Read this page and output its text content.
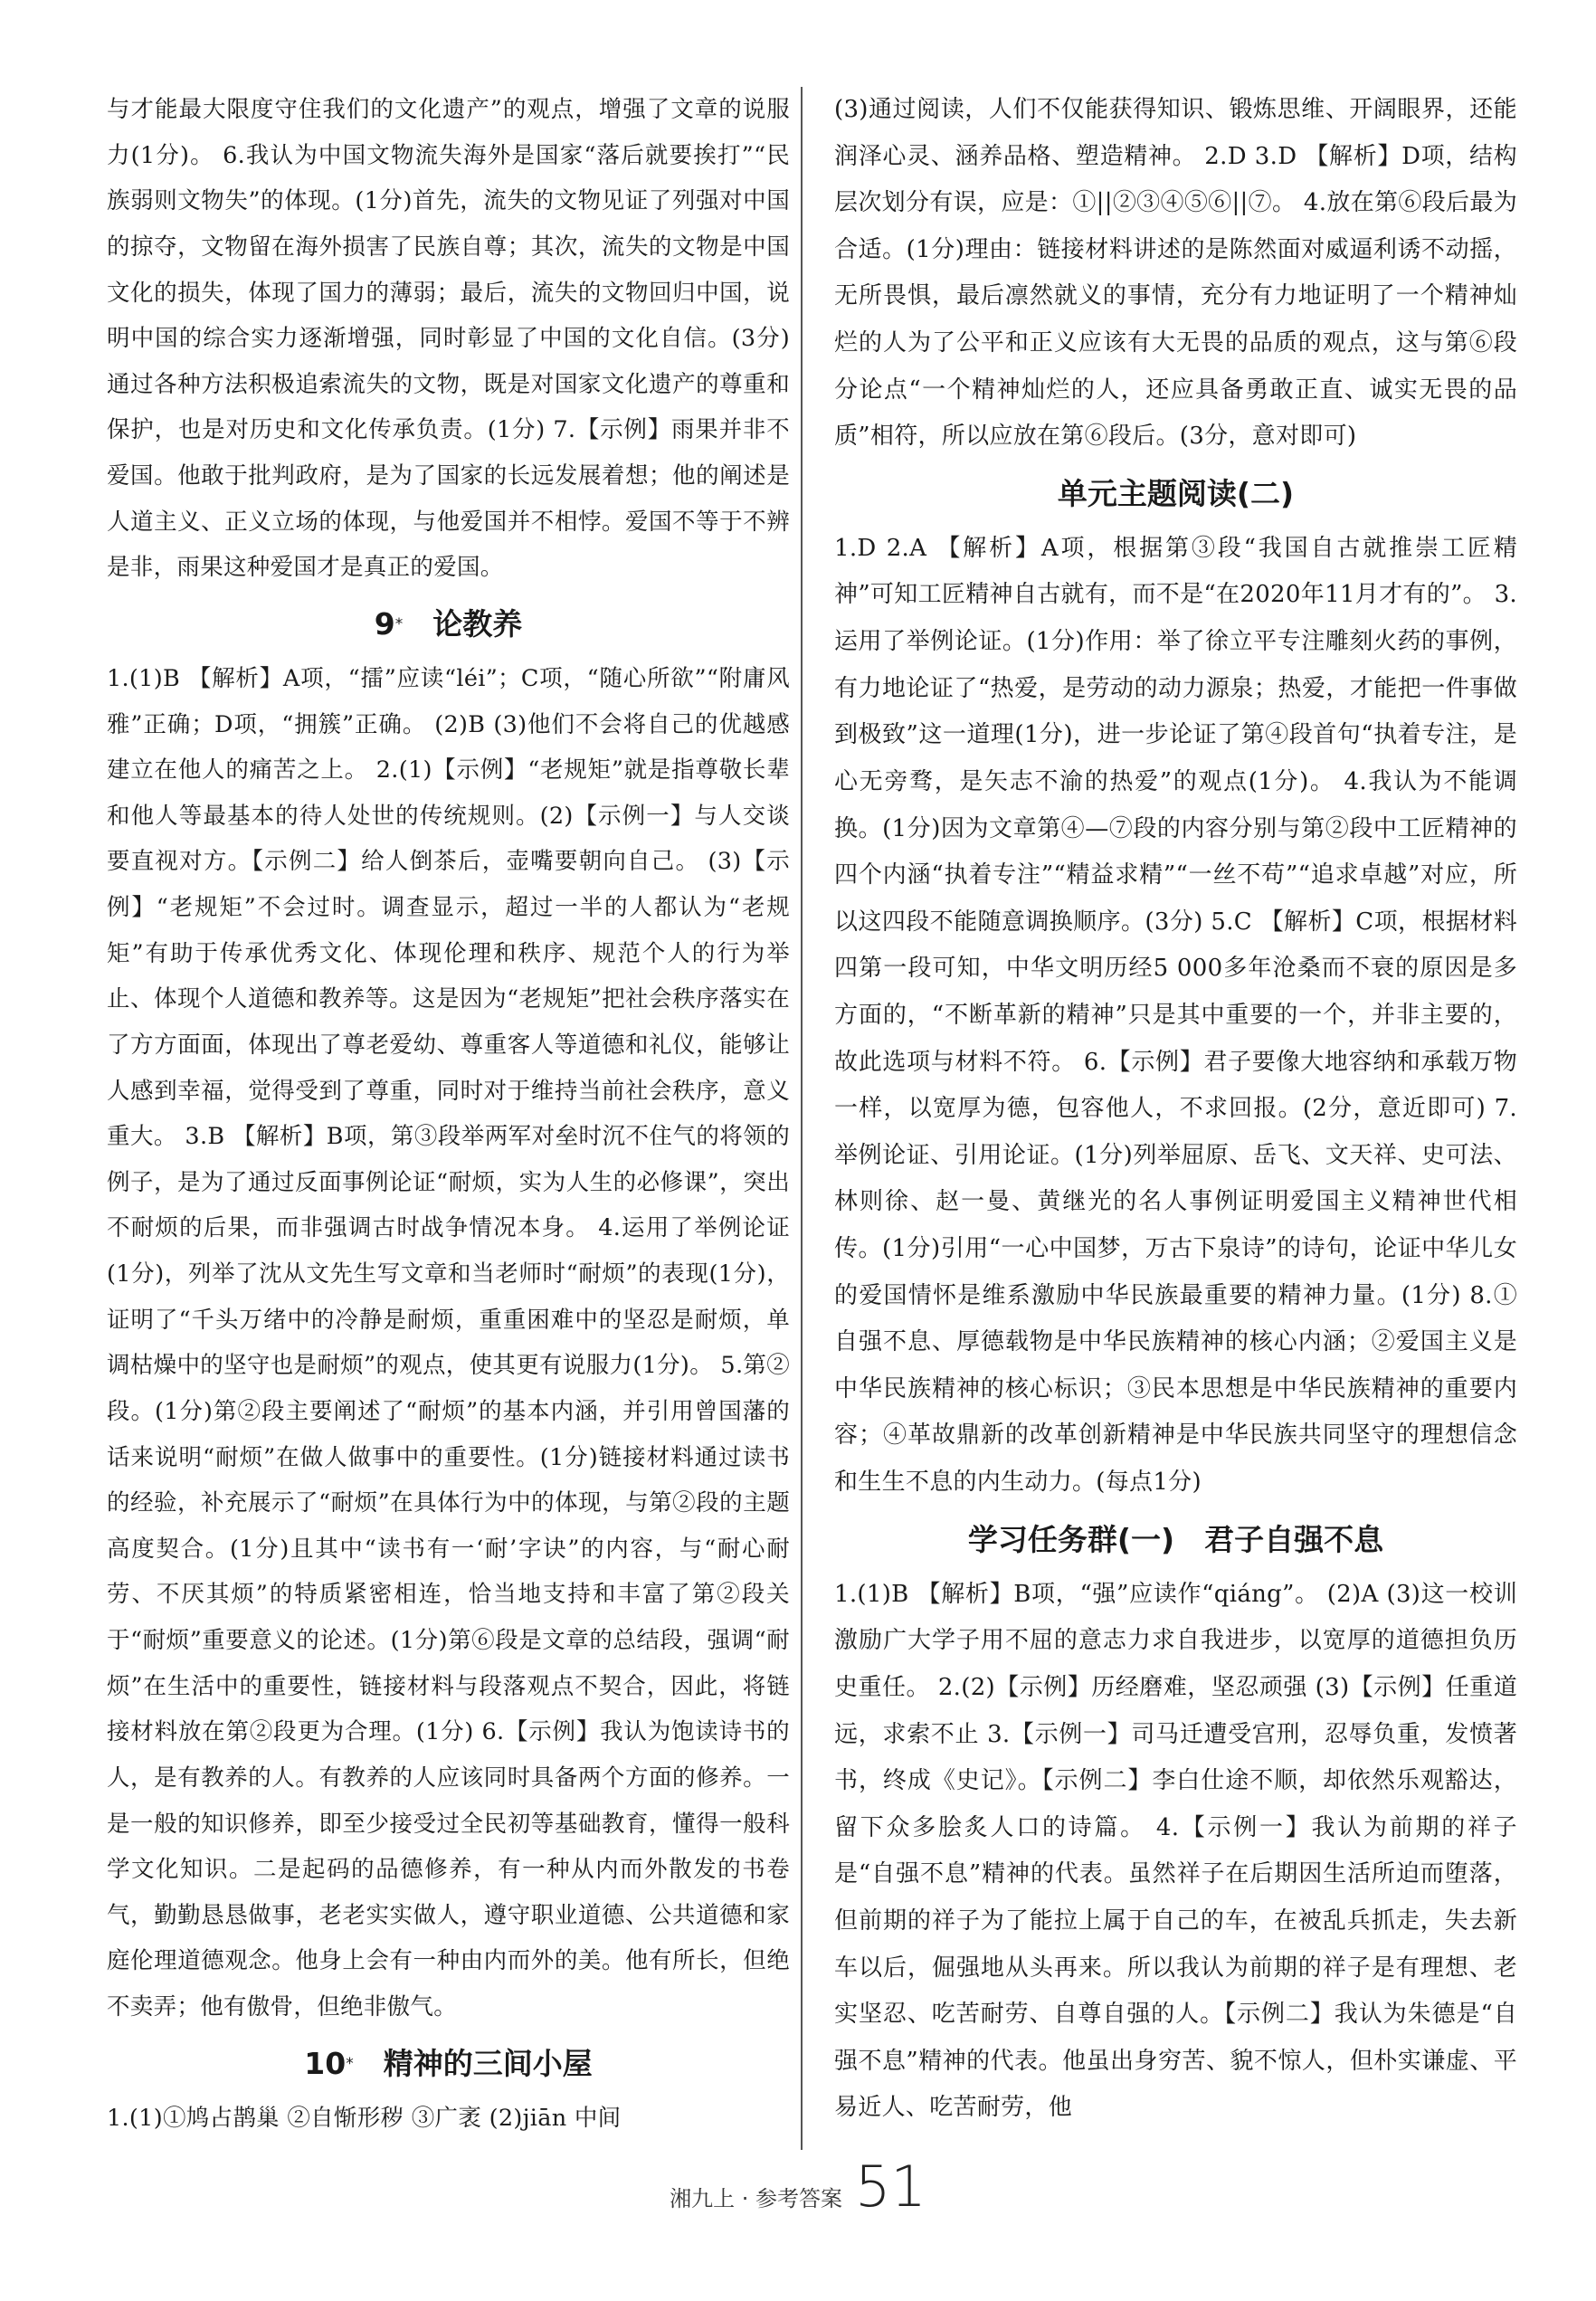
与才能最大限度守住我们的文化遗产”的观点，增强了文章的说服力(1分)。 6.我认为中国文物流失海外是国家“落后就要挨打”“民族弱则文物失”的体现。(1分)首先，流失的文物见证了列强对中国的掠夺，文物留在海外损害了民族自尊；其次，流失的文物是中国文化的损失，体现了国力的薄弱；最后，流失的文物回归中国，说明中国的综合实力逐渐增强，同时彰显了中国的文化自信。(3分)通过各种方法积极追索流失的文物，既是对国家文化遗产的尊重和保护，也是对历史和文化传承负责。(1分) 7.【示例】雨果并非不爱国。他敢于批判政府，是为了国家的长远发展着想；他的阐述是人道主义、正义立场的体现，与他爱国并不相悖。爱国不等于不辨是非，雨果这种爱国才是真正的爱国。

9*  论教养

1.(1)B 【解析】A项，“擂”应读“léi”；C项，“随心所欲”“附庸风雅”正确；D项，“拥簇”正确。 (2)B (3)他们不会将自己的优越感建立在他人的痛苦之上。 2.(1)【示例】“老规矩”就是指尊敬长辈和他人等最基本的待人处世的传统规则。(2)【示例一】与人交谈要直视对方。【示例二】给人倒茶后，壶嘴要朝向自己。 (3)【示例】“老规矩”不会过时。调查显示，超过一半的人都认为“老规矩”有助于传承优秀文化、体现伦理和秩序、规范个人的行为举止、体现个人道德和教养等。这是因为“老规矩”把社会秩序落实在了方方面面，体现出了尊老爱幼、尊重客人等道德和礼仪，能够让人感到幸福，觉得受到了尊重，同时对于维持当前社会秩序，意义重大。 3.B 【解析】B项，第③段举两军对垒时沉不住气的将领的例子，是为了通过反面事例论证“耐烦，实为人生的必修课”，突出不耐烦的后果，而非强调古时战争情况本身。 4.运用了举例论证(1分)，列举了沈从文先生写文章和当老师时“耐烦”的表现(1分)，证明了“千头万绪中的冷静是耐烦，重重困难中的坚忍是耐烦，单调枯燥中的坚守也是耐烦”的观点，使其更有说服力(1分)。 5.第②段。(1分)第②段主要阐述了“耐烦”的基本内涵，并引用曾国藩的话来说明“耐烦”在做人做事中的重要性。(1分)链接材料通过读书的经验，补充展示了“耐烦”在具体行为中的体现，与第②段的主题高度契合。(1分)且其中“读书有一‘耐’字诀”的内容，与“耐心耐劳、不厌其烦”的特质紧密相连，恰当地支持和丰富了第②段关于“耐烦”重要意义的论述。(1分)第⑥段是文章的总结段，强调“耐烦”在生活中的重要性，链接材料与段落观点不契合，因此，将链接材料放在第②段更为合理。(1分) 6.【示例】我认为饱读诗书的人，是有教养的人。有教养的人应该同时具备两个方面的修养。一是一般的知识修养，即至少接受过全民初等基础教育，懂得一般科学文化知识。二是起码的品德修养，有一种从内而外散发的书卷气，勤勤恳恳做事，老老实实做人，遵守职业道德、公共道德和家庭伦理道德观念。他身上会有一种由内而外的美。他有所长，但绝不卖弄；他有傲骨，但绝非傲气。

10*  精神的三间小屋

1.(1)①鸠占鹊巢 ②自惭形秽 ③广袤 (2)jiān 中间

(3)通过阅读，人们不仅能获得知识、锻炼思维、开阔眼界，还能润泽心灵、涵养品格、塑造精神。 2.D 3.D 【解析】D项，结构层次划分有误，应是：①||②③④⑤⑥||⑦。 4.放在第⑥段后最为合适。(1分)理由：链接材料讲述的是陈然面对威逼利诱不动摇，无所畏惧，最后凛然就义的事情，充分有力地证明了一个精神灿烂的人为了公平和正义应该有大无畏的品质的观点，这与第⑥段分论点“一个精神灿烂的人，还应具备勇敢正直、诚实无畏的品质”相符，所以应放在第⑥段后。(3分，意对即可)

单元主题阅读(二)

1.D 2.A 【解析】A项，根据第③段“我国自古就推崇工匠精神”可知工匠精神自古就有，而不是“在2020年11月才有的”。 3.运用了举例论证。(1分)作用：举了徐立平专注雕刻火药的事例，有力地论证了“热爱，是劳动的动力源泉；热爱，才能把一件事做到极致”这一道理(1分)，进一步论证了第④段首句“执着专注，是心无旁骛，是矢志不渝的热爱”的观点(1分)。 4.我认为不能调换。(1分)因为文章第④—⑦段的内容分别与第②段中工匠精神的四个内涵“执着专注”“精益求精”“一丝不苟”“追求卓越”对应，所以这四段不能随意调换顺序。(3分) 5.C 【解析】C项，根据材料四第一段可知，中华文明历经5 000多年沧桑而不衰的原因是多方面的，“不断革新的精神”只是其中重要的一个，并非主要的，故此选项与材料不符。 6.【示例】君子要像大地容纳和承载万物一样，以宽厚为德，包容他人，不求回报。(2分，意近即可) 7.举例论证、引用论证。(1分)列举屈原、岳飞、文天祥、史可法、林则徐、赵一曼、黄继光的名人事例证明爱国主义精神世代相传。(1分)引用“一心中国梦，万古下泉诗”的诗句，论证中华儿女的爱国情怀是维系激励中华民族最重要的精神力量。(1分) 8.①自强不息、厚德载物是中华民族精神的核心内涵；②爱国主义是中华民族精神的核心标识；③民本思想是中华民族精神的重要内容；④革故鼎新的改革创新精神是中华民族共同坚守的理想信念和生生不息的内生动力。(每点1分)

学习任务群(一)　君子自强不息

1.(1)B 【解析】B项，“强”应读作“qiáng”。 (2)A (3)这一校训激励广大学子用不屈的意志力求自我进步，以宽厚的道德担负历史重任。 2.(2)【示例】历经磨难，坚忍顽强 (3)【示例】任重道远，求索不止 3.【示例一】司马迁遭受宫刑，忍辱负重，发愤著书，终成《史记》。【示例二】李白仕途不顺，却依然乐观豁达，留下众多脍炙人口的诗篇。 4.【示例一】我认为前期的祥子是“自强不息”精神的代表。虽然祥子在后期因生活所迫而堕落，但前期的祥子为了能拉上属于自己的车，在被乱兵抓走，失去新车以后，倔强地从头再来。所以我认为前期的祥子是有理想、老实坚忍、吃苦耐劳、自尊自强的人。【示例二】我认为朱德是“自强不息”精神的代表。他虽出身穷苦、貌不惊人，但朴实谦虚、平易近人、吃苦耐劳，他

湘九上 · 参考答案 51
